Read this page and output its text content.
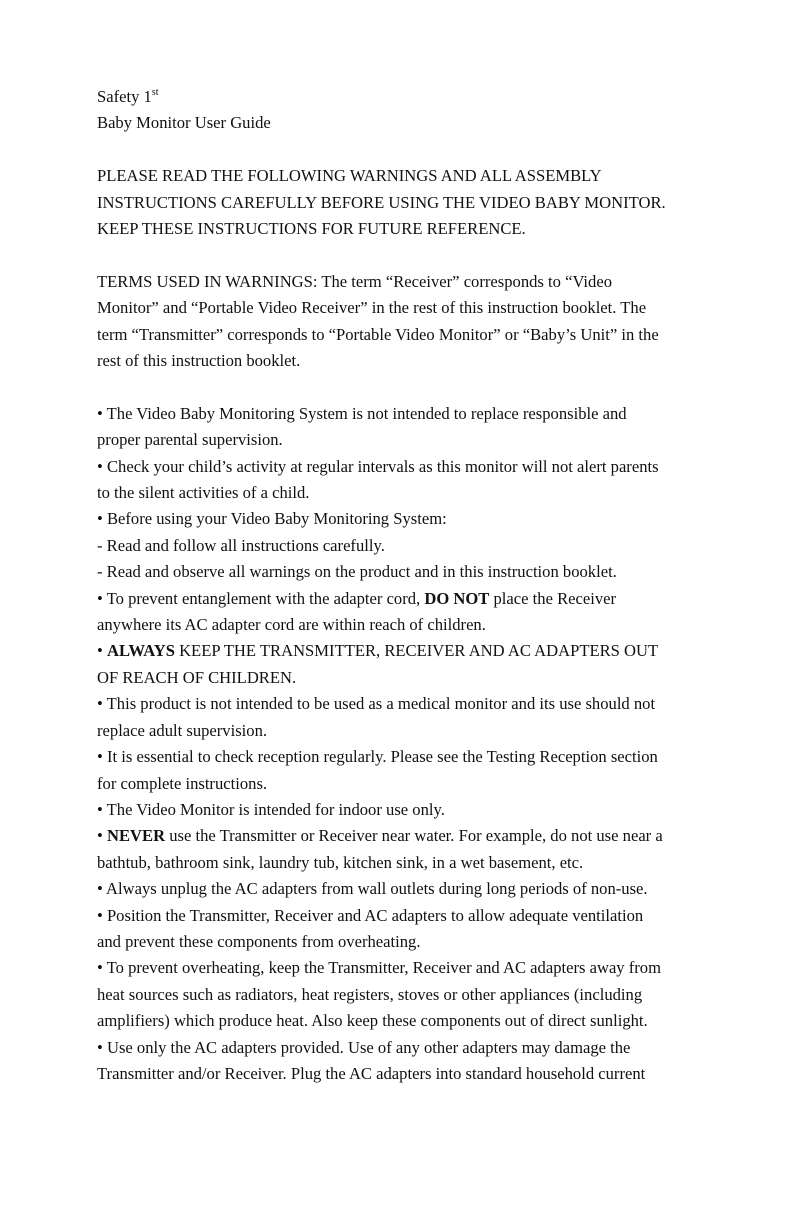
Safety 1st

Baby Monitor User Guide

PLEASE READ THE FOLLOWING WARNINGS AND ALL ASSEMBLY

INSTRUCTIONS CAREFULLY BEFORE USING THE VIDEO BABY MONITOR.

KEEP THESE INSTRUCTIONS FOR FUTURE REFERENCE.

TERMS USED IN WARNINGS: The term “Receiver” corresponds to “Video

Monitor” and “Portable Video Receiver” in the rest of this instruction booklet. The

term “Transmitter” corresponds to “Portable Video Monitor” or “Baby’s Unit” in the

rest of this instruction booklet.

• The Video Baby Monitoring System is not intended to replace responsible and

proper parental supervision.

• Check your child’s activity at regular intervals as this monitor will not alert parents

to the silent activities of a child.

• Before using your Video Baby Monitoring System:

- Read and follow all instructions carefully.

- Read and observe all warnings on the product and in this instruction booklet.

• To prevent entanglement with the adapter cord, DO NOT place the Receiver

anywhere its AC adapter cord are within reach of children.

• ALWAYS KEEP THE TRANSMITTER, RECEIVER AND AC ADAPTERS OUT

OF REACH OF CHILDREN.

• This product is not intended to be used as a medical monitor and its use should not

replace adult supervision.

• It is essential to check reception regularly. Please see the Testing Reception section

for complete instructions.

• The Video Monitor is intended for indoor use only.

• NEVER use the Transmitter or Receiver near water. For example, do not use near a

bathtub, bathroom sink, laundry tub, kitchen sink, in a wet basement, etc.

• Always unplug the AC adapters from wall outlets during long periods of non-use.

• Position the Transmitter, Receiver and AC adapters to allow adequate ventilation

and prevent these components from overheating.

• To prevent overheating, keep the Transmitter, Receiver and AC adapters away from

heat sources such as radiators, heat registers, stoves or other appliances (including

amplifiers) which produce heat. Also keep these components out of direct sunlight.

• Use only the AC adapters provided. Use of any other adapters may damage the

Transmitter and/or Receiver. Plug the AC adapters into standard household current
